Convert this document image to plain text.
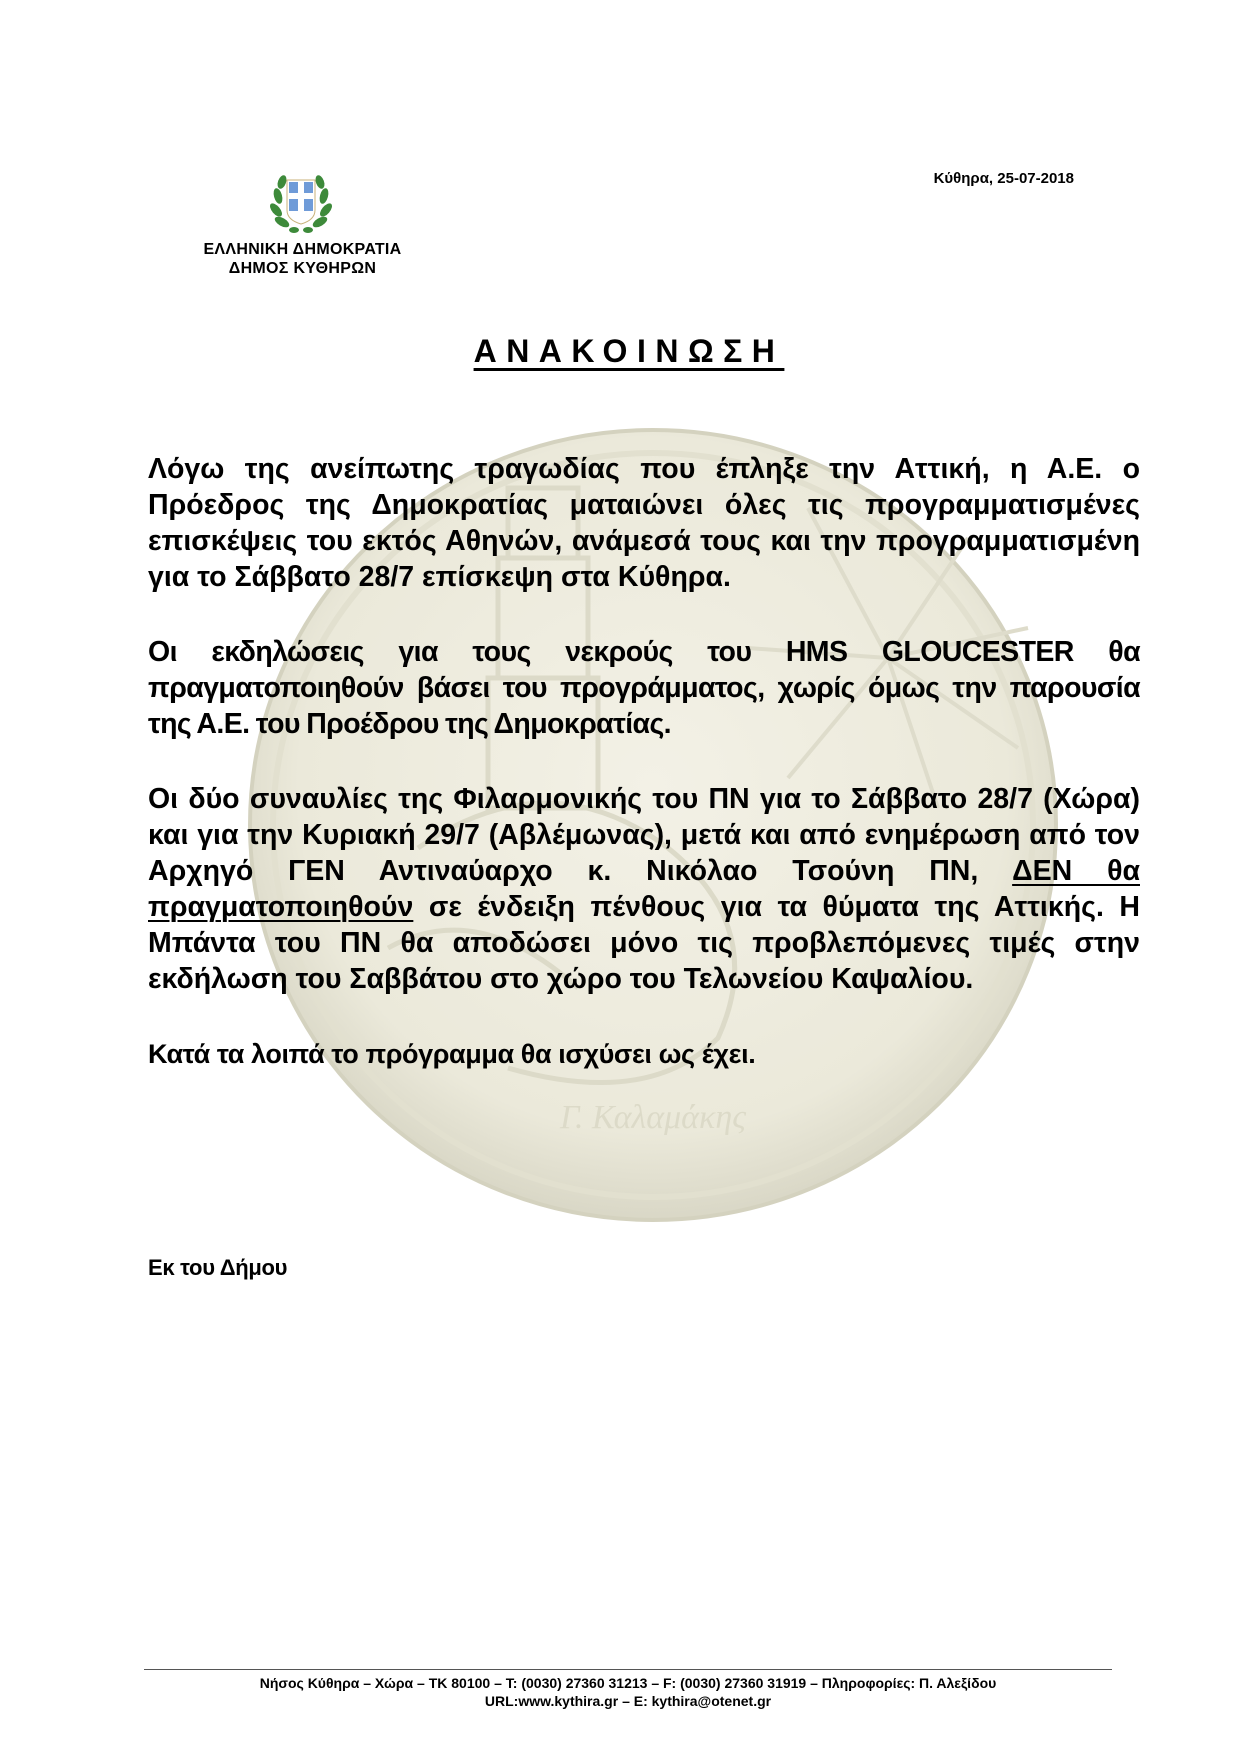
Γ. Καλαμάκης
ΕΛΛΗΝΙΚΗ ΔΗΜΟΚΡΑΤΙΑ
ΔΗΜΟΣ ΚΥΘΗΡΩΝ
Κύθηρα, 25-07-2018
ΑΝΑΚΟΙΝΩΣΗ

Λόγω της ανείπωτης τραγωδίας που έπληξε την Αττική, η Α.Ε. ο Πρόεδρος της Δημοκρατίας ματαιώνει όλες τις προγραμματισμένες επισκέψεις του εκτός Αθηνών, ανάμεσά τους και την προγραμματισμένη για το Σάββατο 28/7 επίσκεψη στα Κύθηρα.

Οι εκδηλώσεις για τους νεκρούς του HMS GLOUCESTER θα πραγματοποιηθούν βάσει του προγράμματος, χωρίς όμως την παρουσία της Α.Ε. του Προέδρου της Δημοκρατίας.

Οι δύο συναυλίες της Φιλαρμονικής του ΠΝ για το Σάββατο 28/7 (Χώρα) και για την Κυριακή 29/7 (Αβλέμωνας), μετά και από ενημέρωση από τον Αρχηγό ΓΕΝ Αντιναύαρχο κ. Νικόλαο Τσούνη ΠΝ, ΔΕΝ θα πραγματοποιηθούν σε ένδειξη πένθους για τα θύματα της Αττικής. Η Μπάντα του ΠΝ θα αποδώσει μόνο τις προβλεπόμενες τιμές στην εκδήλωση του Σαββάτου στο χώρο του Τελωνείου Καψαλίου.

Κατά τα λοιπά το πρόγραμμα θα ισχύσει ως έχει.

Εκ του Δήμου
Νήσος Κύθηρα – Χώρα – ΤΚ 80100 – Τ: (0030) 27360 31213 – F: (0030) 27360 31919 – Πληροφορίες: Π. Αλεξίδου
URL:www.kythira.gr – E: kythira@otenet.gr
